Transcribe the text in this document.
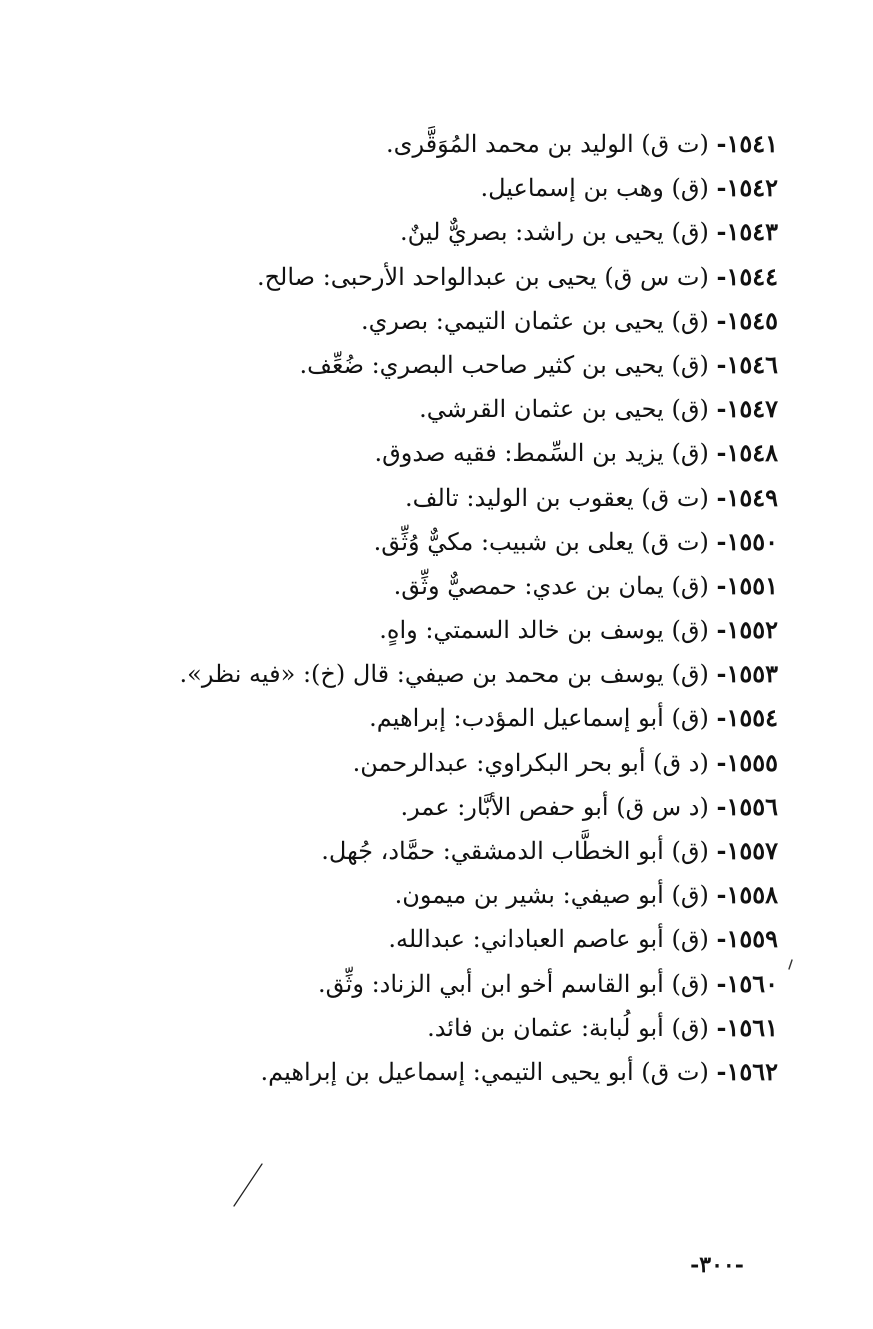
١٥٤١- (ت ق) الوليد بن محمد المُوَقَّرى.
١٥٤٢- (ق) وهب بن إسماعيل.
١٥٤٣- (ق) يحيى بن راشد: بصريٌّ لينٌ.
١٥٤٤- (ت س ق) يحيى بن عبدالواحد الأرحبى: صالح.
١٥٤٥- (ق) يحيى بن عثمان التيمي: بصري.
١٥٤٦- (ق) يحيى بن كثير صاحب البصري: ضُعِّف.
١٥٤٧- (ق) يحيى بن عثمان القرشي.
١٥٤٨- (ق) يزيد بن السِّمط: فقيه صدوق.
١٥٤٩- (ت ق) يعقوب بن الوليد: تالف.
١٥٥٠- (ت ق) يعلى بن شبيب: مكيٌّ وُثِّق.
١٥٥١- (ق) يمان بن عدي: حمصيٌّ وثِّق.
١٥٥٢- (ق) يوسف بن خالد السمتي: واهٍ.
١٥٥٣- (ق) يوسف بن محمد بن صيفي: قال (خ): «فيه نظر».
١٥٥٤- (ق) أبو إسماعيل المؤدب: إبراهيم.
١٥٥٥- (د ق) أبو بحر البكراوي: عبدالرحمن.
١٥٥٦- (د س ق) أبو حفص الأبَّار: عمر.
١٥٥٧- (ق) أبو الخطَّاب الدمشقي: حمَّاد، جُهل.
١٥٥٨- (ق) أبو صيفي: بشير بن ميمون.
١٥٥٩- (ق) أبو عاصم العباداني: عبدالله.
١٥٦٠- (ق) أبو القاسم أخو ابن أبي الزناد: وثِّق.
١٥٦١- (ق) أبو لُبابة: عثمان بن فائد.
١٥٦٢- (ت ق) أبو يحيى التيمي: إسماعيل بن إبراهيم.
-٣٠٠-
